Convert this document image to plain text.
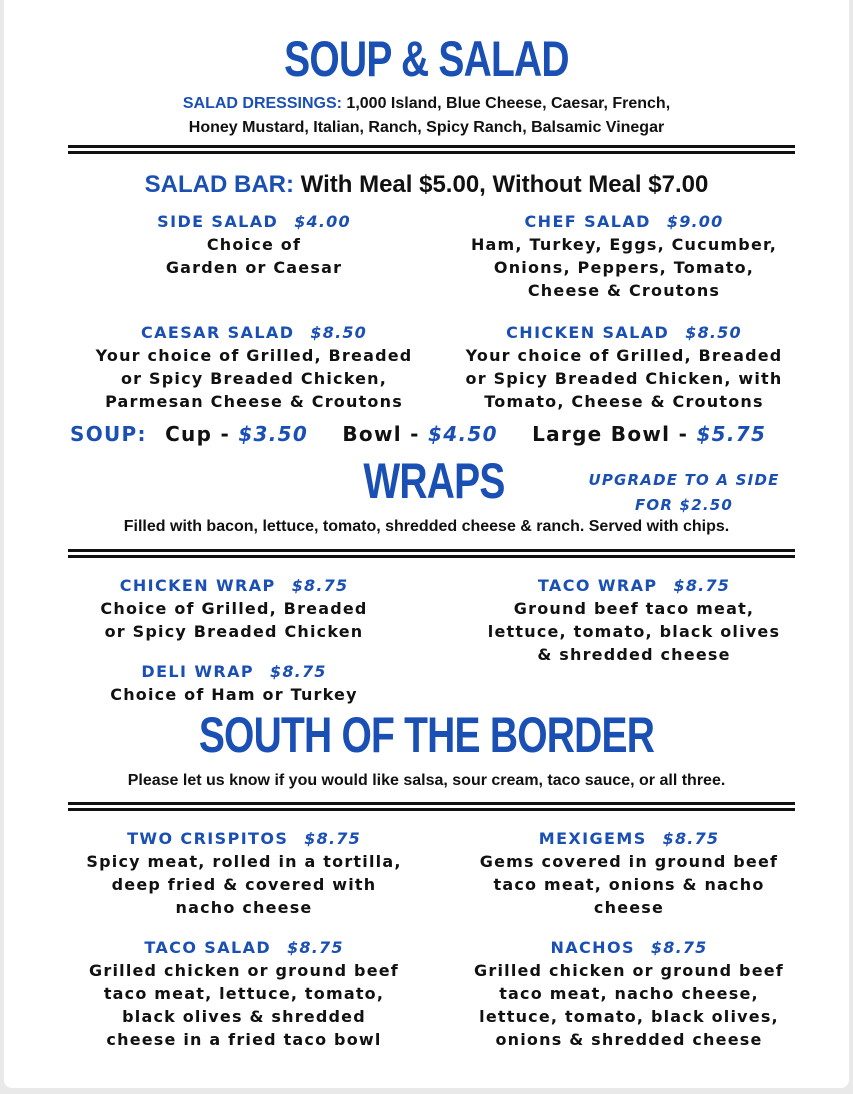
SOUP & SALAD
SALAD DRESSINGS: 1,000 Island, Blue Cheese, Caesar, French,
Honey Mustard, Italian, Ranch, Spicy Ranch, Balsamic Vinegar
SALAD BAR: With Meal $5.00, Without Meal $7.00
SIDE SALAD $4.00
Choice of
Garden or Caesar
CHEF SALAD $9.00
Ham, Turkey, Eggs, Cucumber,
Onions, Peppers, Tomato,
Cheese & Croutons
CAESAR SALAD $8.50
Your choice of Grilled, Breaded
or Spicy Breaded Chicken,
Parmesan Cheese & Croutons
CHICKEN SALAD $8.50
Your choice of Grilled, Breaded
or Spicy Breaded Chicken, with
Tomato, Cheese & Croutons
SOUP: Cup - $3.50 Bowl - $4.50 Large Bowl - $5.75
WRAPS	UPGRADE TO A SIDE
FOR $2.50
Filled with bacon, lettuce, tomato, shredded cheese & ranch. Served with chips.
CHICKEN WRAP $8.75
Choice of Grilled, Breaded
or Spicy Breaded Chicken
TACO WRAP $8.75
Ground beef taco meat,
lettuce, tomato, black olives
& shredded cheese
DELI WRAP $8.75
Choice of Ham or Turkey
SOUTH OF THE BORDER
Please let us know if you would like salsa, sour cream, taco sauce, or all three.
TWO CRISPITOS $8.75
Spicy meat, rolled in a tortilla,
deep fried & covered with
nacho cheese
MEXIGEMS $8.75
Gems covered in ground beef
taco meat, onions & nacho
cheese
TACO SALAD $8.75
Grilled chicken or ground beef
taco meat, lettuce, tomato,
black olives & shredded
cheese in a fried taco bowl
NACHOS $8.75
Grilled chicken or ground beef
taco meat, nacho cheese,
lettuce, tomato, black olives,
onions & shredded cheese
